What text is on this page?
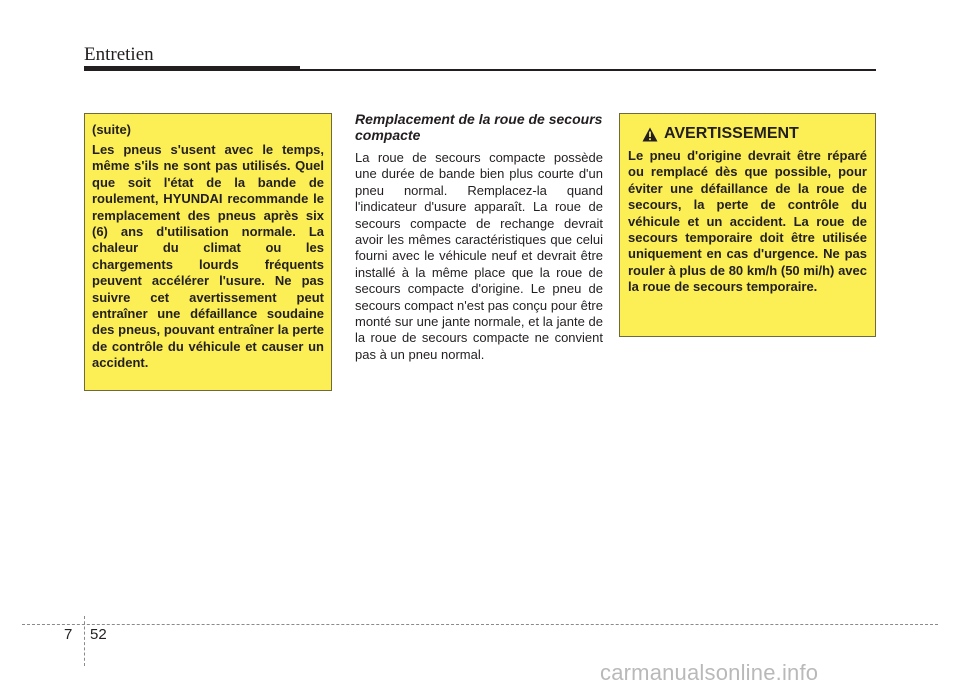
Entretien
(suite)
Les pneus s'usent avec le temps, même s'ils ne sont pas utilisés. Quel que soit l'état de la bande de roulement, HYUNDAI recommande le remplacement des pneus après six (6) ans d'utilisation normale. La chaleur du climat ou les chargements lourds fréquents peuvent accélérer l'usure. Ne pas suivre cet avertissement peut entraîner une défaillance soudaine des pneus, pouvant entraîner la perte de contrôle du véhicule et causer un accident.
Remplacement de la roue de secours compacte

La roue de secours compacte possède une durée de bande bien plus courte d'un pneu normal. Remplacez-la quand l'indicateur d'usure apparaît. La roue de secours compacte de rechange devrait avoir les mêmes caractéristiques que celui fourni avec le véhicule neuf et devrait être installé à la même place que la roue de secours compacte d'origine. Le pneu de secours compact n'est pas conçu pour être monté sur une jante normale, et la jante de la roue de secours compacte ne convient pas à un pneu normal.

AVERTISSEMENT
Le pneu d'origine devrait être réparé ou remplacé dès que possible, pour éviter une défaillance de la roue de secours, la perte de contrôle du véhicule et un accident. La roue de secours temporaire doit être utilisée uniquement en cas d'urgence. Ne pas rouler à plus de 80 km/h (50 mi/h) avec la roue de secours temporaire.
7 52
carmanualsonline.info
